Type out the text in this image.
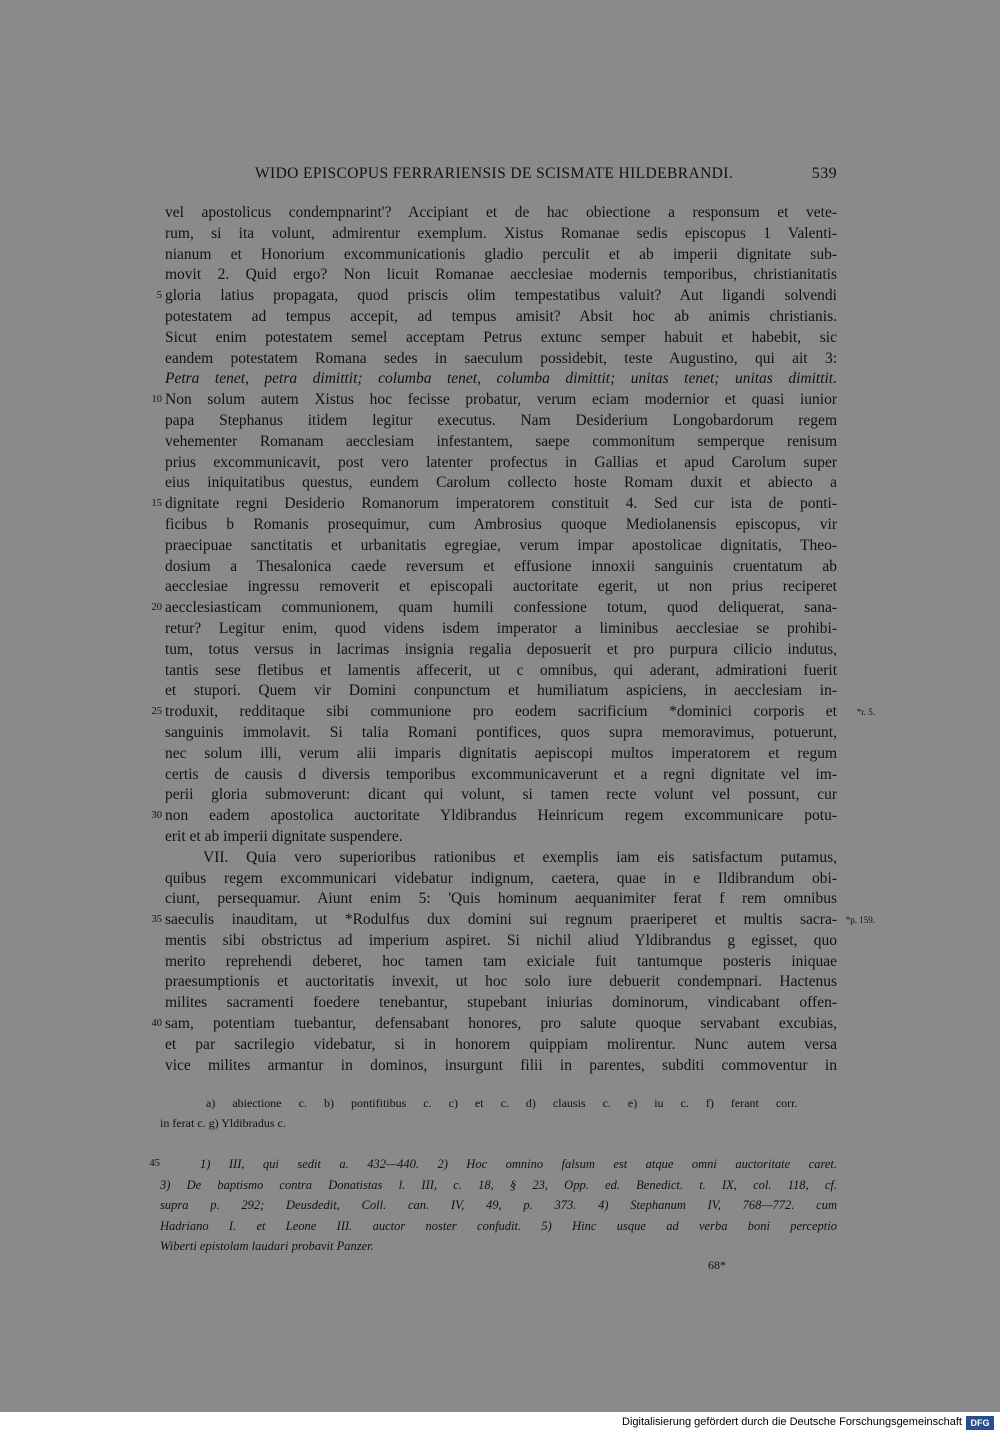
WIDO EPISCOPUS FERRARIENSIS DE SCISMATE HILDEBRANDI.	539
vel apostolicus condempnarint'? Accipiant et de hac obiectione a responsum et vete-
rum, si ita volunt, admirentur exemplum. Xistus Romanae sedis episcopus 1 Valenti-
nianum et Honorium excommunicationis gladio perculit et ab imperii dignitate sub-
movit 2. Quid ergo? Non licuit Romanae aecclesiae modernis temporibus, christianitatis
gloria latius propagata, quod priscis olim tempestatibus valuit? Aut ligandi solvendi
5
potestatem ad tempus accepit, ad tempus amisit? Absit hoc ab animis christianis.
Sicut enim potestatem semel acceptam Petrus extunc semper habuit et habebit, sic
eandem potestatem Romana sedes in saeculum possidebit, teste Augustino, qui ait 3:
Petra tenet, petra dimittit; columba tenet, columba dimittit; unitas tenet; unitas dimittit.
Non solum autem Xistus hoc fecisse probatur, verum eciam modernior et quasi iunior
10
papa Stephanus itidem legitur executus. Nam Desiderium Longobardorum regem
vehementer Romanam aecclesiam infestantem, saepe commonitum semperque renisum
prius excommunicavit, post vero latenter profectus in Gallias et apud Carolum super
eius iniquitatibus questus, eundem Carolum collecto hoste Romam duxit et abiecto a
dignitate regni Desiderio Romanorum imperatorem constituit 4. Sed cur ista de ponti-
15
ficibus b Romanis prosequimur, cum Ambrosius quoque Mediolanensis episcopus, vir
praecipuae sanctitatis et urbanitatis egregiae, verum impar apostolicae dignitatis, Theo-
dosium a Thesalonica caede reversum et effusione innoxii sanguinis cruentatum ab
aecclesiae ingressu removerit et episcopali auctoritate egerit, ut non prius reciperet
aecclesiasticam communionem, quam humili confessione totum, quod deliquerat, sana-
20
retur? Legitur enim, quod videns isdem imperator a liminibus aecclesiae se prohibi-
tum, totus versus in lacrimas insignia regalia deposuerit et pro purpura cilicio indutus,
tantis sese fletibus et lamentis affecerit, ut c omnibus, qui aderant, admirationi fuerit
et stupori. Quem vir Domini conpunctum et humiliatum aspiciens, in aecclesiam in-
troduxit, redditaque sibi communione pro eodem sacrificium *dominici corporis et
25	*r. 5.
sanguinis immolavit. Si talia Romani pontifices, quos supra memoravimus, potuerunt,
nec solum illi, verum alii imparis dignitatis aepiscopi multos imperatorem et regum
certis de causis d diversis temporibus excommunicaverunt et a regni dignitate vel im-
perii gloria submoverunt: dicant qui volunt, si tamen recte volunt vel possunt, cur
non eadem apostolica auctoritate Yldibrandus Heinricum regem excommunicare potu-
30
erit et ab imperii dignitate suspendere.
VII. Quia vero superioribus rationibus et exemplis iam eis satisfactum putamus,
quibus regem excommunicari videbatur indignum, caetera, quae in e Ildibrandum obi-
ciunt, persequamur. Aiunt enim 5: 'Quis hominum aequanimiter ferat f rem omnibus
saeculis inauditam, ut *Rodulfus dux domini sui regnum praeriperet et multis sacra-
35	*p. 159.
mentis sibi obstrictus ad imperium aspiret. Si nichil aliud Yldibrandus g egisset, quo
merito reprehendi deberet, hoc tamen tam exiciale fuit tantumque posteris iniquae
praesumptionis et auctoritatis invexit, ut hoc solo iure debuerit condempnari. Hactenus
milites sacramenti foedere tenebantur, stupebant iniurias dominorum, vindicabant offen-
sam, potentiam tuebantur, defensabant honores, pro salute quoque servabant excubias,
40
et par sacrilegio videbatur, si in honorem quippiam molirentur. Nunc autem versa
vice milites armantur in dominos, insurgunt filii in parentes, subditi commoventur in
a) abiectione c. b) pontifitibus c. c) et c. d) clausis c. e) iu c. f) ferant corr.
in ferat c. g) Yldibradus c.
1) III, qui sedit a. 432—440. 2) Hoc omnino falsum est atque omni auctoritate caret.
45
3) De baptismo contra Donatistas l. III, c. 18, § 23, Opp. ed. Benedict. t. IX, col. 118, cf.
supra p. 292; Deusdedit, Coll. can. IV, 49, p. 373. 4) Stephanum IV, 768—772. cum
Hadriano I. et Leone III. auctor noster confudit. 5) Hinc usque ad verba boni perceptio
Wiberti epistolam laudari probavit Panzer.
68*
Digitalisierung gefördert durch die Deutsche Forschungsgemeinschaft DFG
